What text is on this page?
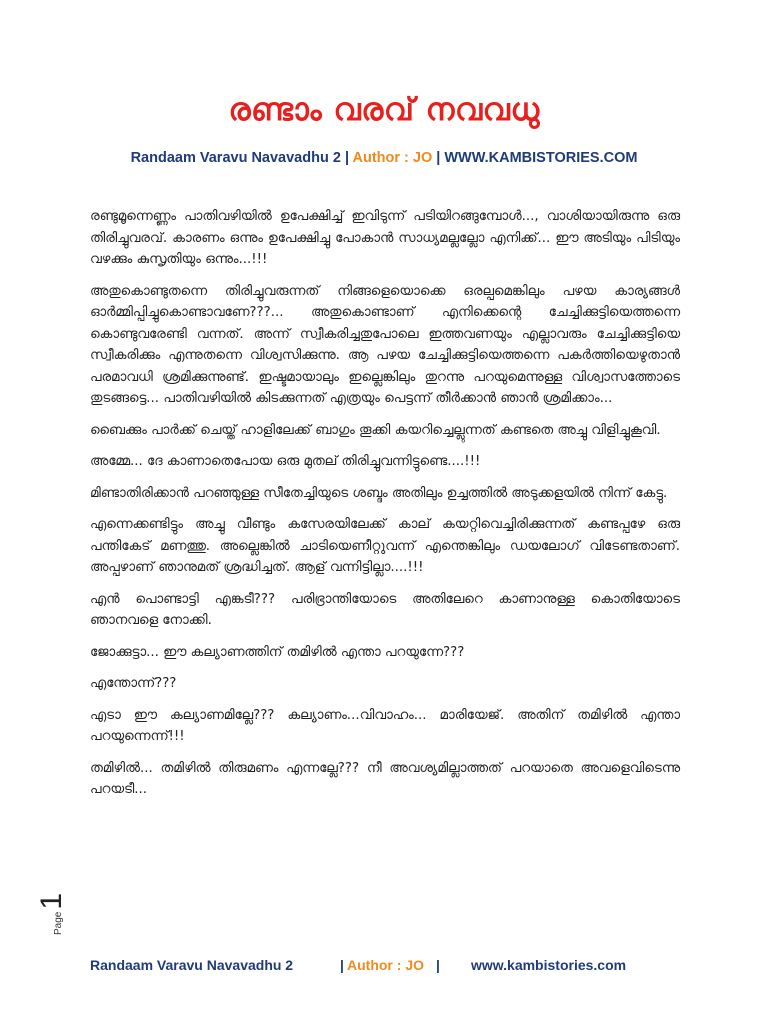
രണ്ടാം വരവ് നവവധു
Randaam Varavu Navavadhu 2 | Author : JO | WWW.KAMBISTORIES.COM

രണ്ടുമൂന്നെണ്ണം പാതിവഴിയിൽ ഉപേക്ഷിച്ച് ഇവിടുന്ന് പടിയിറങ്ങുമ്പോൾ..., വാശിയായിരുന്നു ഒരു തിരിച്ചുവരവ്. കാരണം ഒന്നും ഉപേക്ഷിച്ചു പോകാൻ സാധ്യമല്ലല്ലോ എനിക്ക്... ഈ അടിയും പിടിയും വഴക്കും കുസൃതിയും ഒന്നും...!!!

അതുകൊണ്ടുതന്നെ തിരിച്ചുവരുന്നത് നിങ്ങളെയൊക്കെ ഒരല്പമെങ്കിലും പഴയ കാര്യങ്ങൾ ഓർമ്മിപ്പിച്ചുകൊണ്ടാവണേ???... അതുകൊണ്ടാണ് എനിക്കെന്റെ ചേച്ചിക്കുട്ടിയെത്തന്നെ കൊണ്ടുവരേണ്ടി വന്നത്. അന്ന് സ്വീകരിച്ചതുപോലെ ഇത്തവണയും എല്ലാവരും ചേച്ചിക്കുട്ടിയെ സ്വീകരിക്കും എന്നുതന്നെ വിശ്വസിക്കുന്നു. ആ പഴയ ചേച്ചിക്കുട്ടിയെത്തന്നെ പകർത്തിയെഴുതാൻ പരമാവധി ശ്രമിക്കുന്നുണ്ട്. ഇഷ്ടമായാലും ഇല്ലെങ്കിലും തുറന്നു പറയുമെന്നുള്ള വിശ്വാസത്തോടെ തുടങ്ങട്ടെ... പാതിവഴിയിൽ കിടക്കുന്നത് എത്രയും പെട്ടന്ന് തീർക്കാൻ ഞാൻ ശ്രമിക്കാം...

ബൈക്കും പാർക്ക് ചെയ്ത് ഹാളിലേക്ക് ബാഗും തൂക്കി കയറിച്ചെല്ലുന്നത് കണ്ടതെ അച്ചു വിളിച്ചുകൂവി.

അമ്മേ... ദേ കാണാതെപോയ ഒരു മുതല് തിരിച്ചുവന്നിട്ടുണ്ടെ....!!!

മിണ്ടാതിരിക്കാൻ പറഞ്ഞുള്ള സീതേച്ചിയുടെ ശബ്ദം അതിലും ഉച്ചത്തിൽ അടുക്കളയിൽ നിന്ന് കേട്ടു.

എന്നെക്കണ്ടിട്ടും അച്ചു വീണ്ടും കസേരയിലേക്ക് കാല് കയറ്റിവെച്ചിരിക്കുന്നത് കണ്ടപ്പഴേ ഒരു പന്തികേട് മണത്തു. അല്ലെങ്കിൽ ചാടിയെണീറ്റുവന്ന് എന്തെങ്കിലും ഡയലോഗ് വിടേണ്ടതാണ്. അപ്പഴാണ് ഞാനുമത് ശ്രദ്ധിച്ചത്. ആള് വന്നിട്ടില്ലാ....!!!

എൻ പൊണ്ടാട്ടി എങ്കടീ??? പരിഭ്രാന്തിയോടെ അതിലേറെ കാണാനുള്ള കൊതിയോടെ ഞാനവളെ നോക്കി.

ജോക്കുട്ടാ... ഈ കല്യാണത്തിന് തമിഴിൽ എന്താ പറയുന്നേ???

എന്തോന്ന്???

എടാ ഈ കല്യാണമില്ലേ??? കല്യാണം...വിവാഹം... മാരിയേജ്. അതിന് തമിഴിൽ എന്താ പറയുന്നെന്ന്!!!

തമിഴിൽ... തമിഴിൽ തിരുമണം എന്നല്ലേ??? നീ അവശ്യമില്ലാത്തത് പറയാതെ അവളെവിടെന്നു പറയടീ...

Page1
Randaam Varavu Navavadhu 2	| Author : JO | www.kambistories.com
